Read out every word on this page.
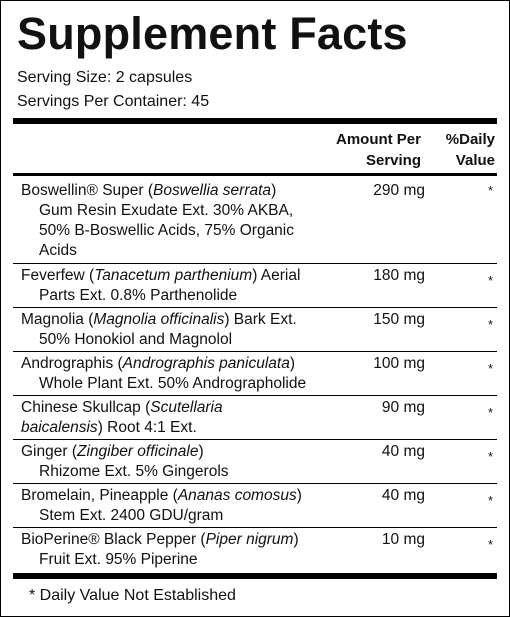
Supplement Facts
Serving Size: 2 capsules
Servings Per Container: 45
Amount Per
Serving
%Daily
Value
Boswellin® Super (Boswellia serrata)
Gum Resin Exudate Ext. 30% AKBA,
50% B-Boswellic Acids, 75% Organic
Acids
290 mg	*
Feverfew (Tanacetum parthenium) Aerial
Parts Ext. 0.8% Parthenolide
180 mg	*
Magnolia (Magnolia officinalis) Bark Ext.
50% Honokiol and Magnolol
150 mg	*
Andrographis (Andrographis paniculata)
Whole Plant Ext. 50% Andrographolide
100 mg	*
Chinese Skullcap (Scutellaria
baicalensis) Root 4:1 Ext.
90 mg	*
Ginger (Zingiber officinale)
Rhizome Ext. 5% Gingerols
40 mg	*
Bromelain, Pineapple (Ananas comosus)
Stem Ext. 2400 GDU/gram
40 mg	*
BioPerine® Black Pepper (Piper nigrum)
Fruit Ext. 95% Piperine
10 mg	*
* Daily Value Not Established
